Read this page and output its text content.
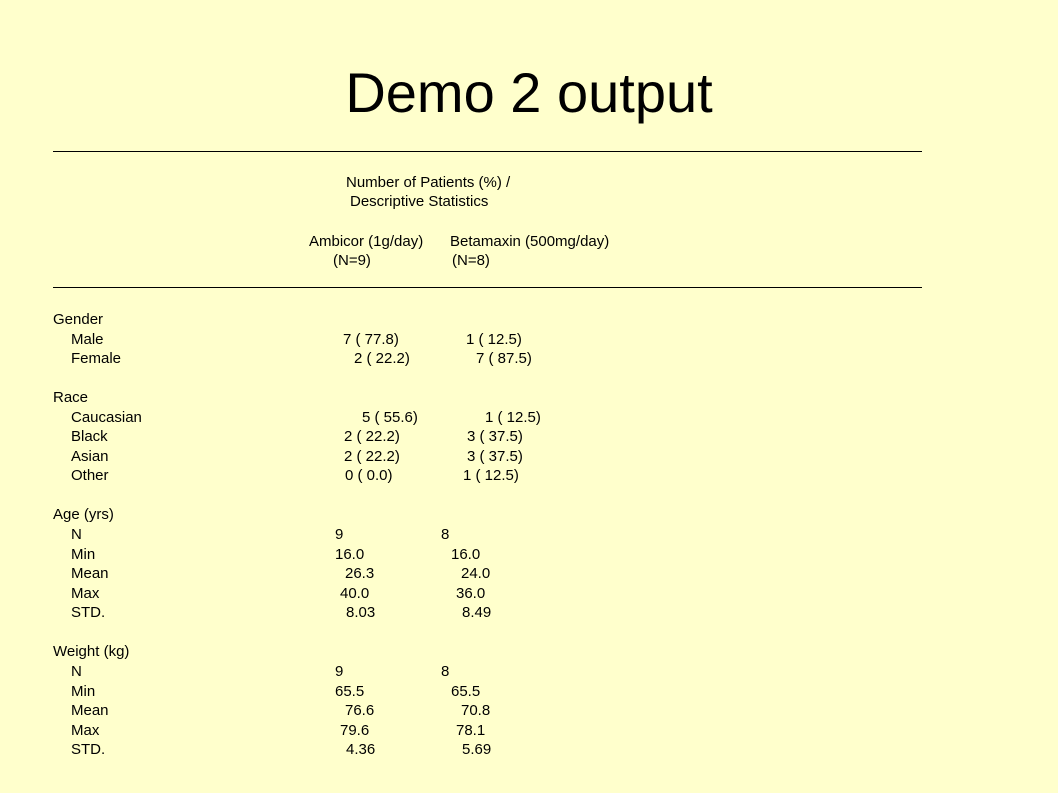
Demo 2 output
Number of Patients (%) /
Descriptive Statistics
Ambicor (1g/day) Betamaxin (500mg/day)
(N=9)	(N=8)
Gender
Male	7 ( 77.8)	1 ( 12.5)
Female	2 ( 22.2)	7 ( 87.5)
Race
Caucasian	5 ( 55.6)	1 ( 12.5)
Black	2 ( 22.2)	3 ( 37.5)
Asian	2 ( 22.2)	3 ( 37.5)
Other	0 ( 0.0)	1 ( 12.5)
Age (yrs)
N	9	8
Min	16.0	16.0
Mean	26.3	24.0
Max	40.0	36.0
STD.	8.03	8.49
Weight (kg)
N	9	8
Min	65.5	65.5
Mean	76.6	70.8
Max	79.6	78.1
STD.	4.36	5.69
